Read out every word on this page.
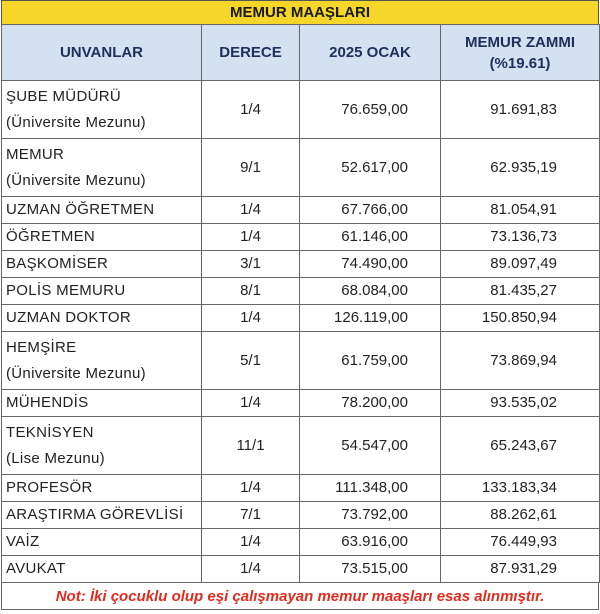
MEMUR MAAŞLARI
UNVANLAR	DERECE	2025 OCAK	MEMUR ZAMMI
(%19.61)
ŞUBE MÜDÜRÜ
(Üniversite Mezunu)	1/4	76.659,00	91.691,83
MEMUR
(Üniversite Mezunu)	9/1	52.617,00	62.935,19
UZMAN ÖĞRETMEN	1/4	67.766,00	81.054,91
ÖĞRETMEN	1/4	61.146,00	73.136,73
BAŞKOMİSER	3/1	74.490,00	89.097,49
POLİS MEMURU	8/1	68.084,00	81.435,27
UZMAN DOKTOR	1/4	126.119,00	150.850,94
HEMŞİRE
(Üniversite Mezunu)	5/1	61.759,00	73.869,94
MÜHENDİS	1/4	78.200,00	93.535,02
TEKNİSYEN
(Lise Mezunu)	11/1	54.547,00	65.243,67
PROFESÖR	1/4	111.348,00	133.183,34
ARAŞTIRMA GÖREVLİSİ	7/1	73.792,00	88.262,61
VAİZ	1/4	63.916,00	76.449,93
AVUKAT	1/4	73.515,00	87.931,29
Not: İki çocuklu olup eşi çalışmayan memur maaşları esas alınmıştır.
